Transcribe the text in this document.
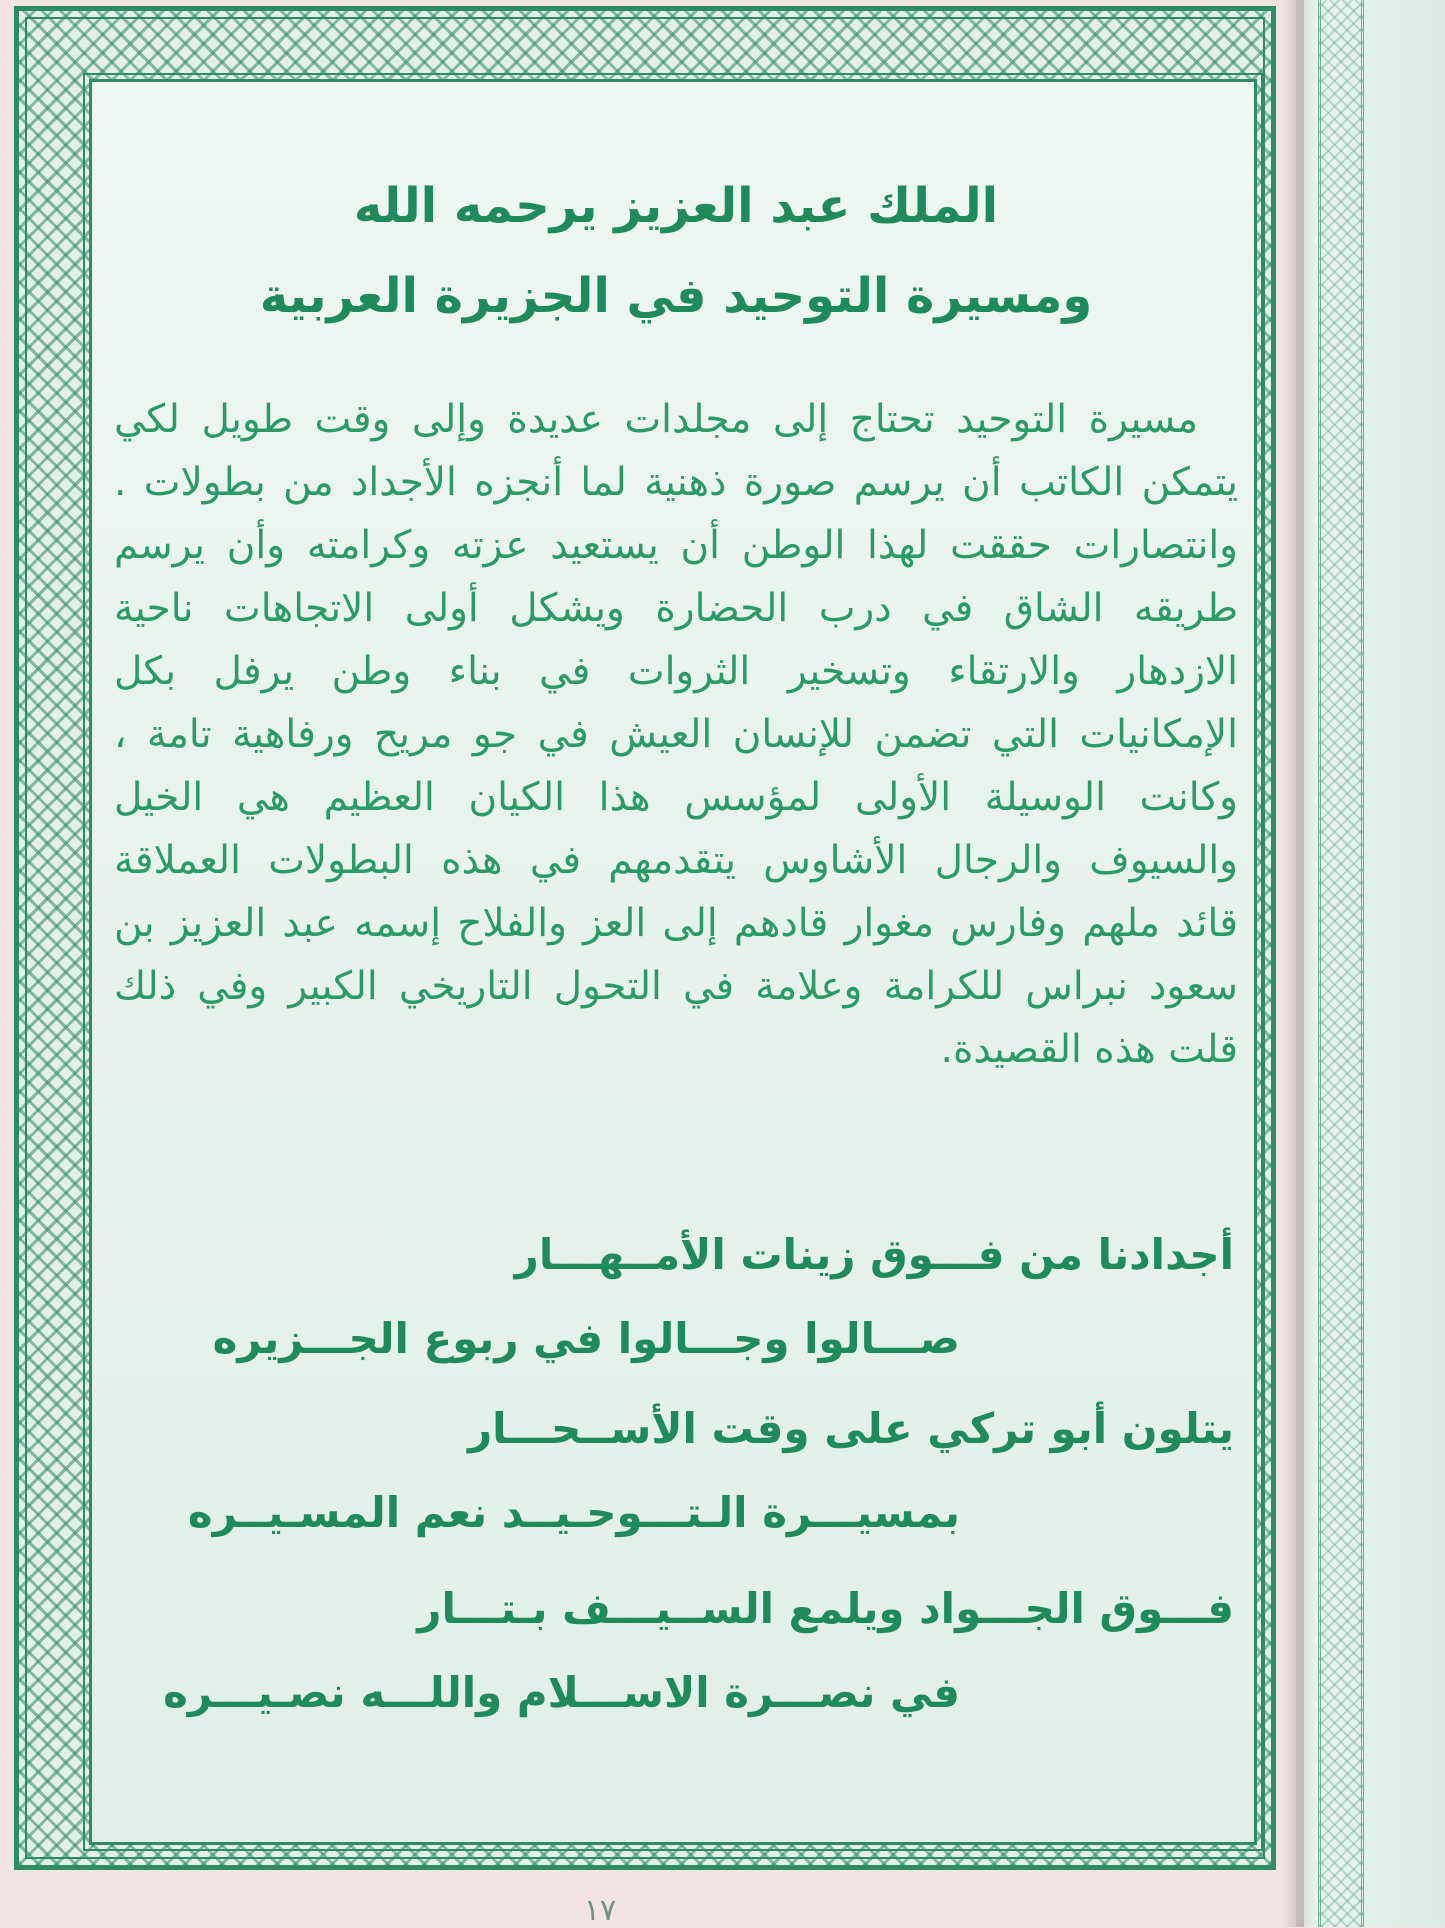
الملك عبد العزيز يرحمه الله
ومسيرة التوحيد في الجزيرة العربية
مسيرة التوحيد تحتاج إلى مجلدات عديدة وإلى وقت طويل لكي
يتمكن الكاتب أن يرسم صورة ذهنية لما أنجزه الأجداد من بطولات .
وانتصارات حققت لهذا الوطن أن يستعيد عزته وكرامته وأن يرسم
طريقه الشاق في درب الحضارة ويشكل أولى الاتجاهات ناحية
الازدهار والارتقاء وتسخير الثروات في بناء وطن يرفل بكل
الإمكانيات التي تضمن للإنسان العيش في جو مريح ورفاهية تامة ،
وكانت الوسيلة الأولى لمؤسس هذا الكيان العظيم هي الخيل
والسيوف والرجال الأشاوس يتقدمهم في هذه البطولات العملاقة
قائد ملهم وفارس مغوار قادهم إلى العز والفلاح إسمه عبد العزيز بن
سعود نبراس للكرامة وعلامة في التحول التاريخي الكبير وفي ذلك
قلت هذه القصيدة.
أجدادنا من فـــوق زينات الأمــهـــار
صـــالوا وجـــالوا في ربوع الجـــزيره
يتلون أبو تركي على وقت الأســحـــار
بمسيـــرة الـتـــوحـيــد نعم المسـيــره
فـــوق الجـــواد ويلمع الســيـــف بـتـــار
في نصـــرة الاســـلام واللـــه نصـيـــره
١٧
